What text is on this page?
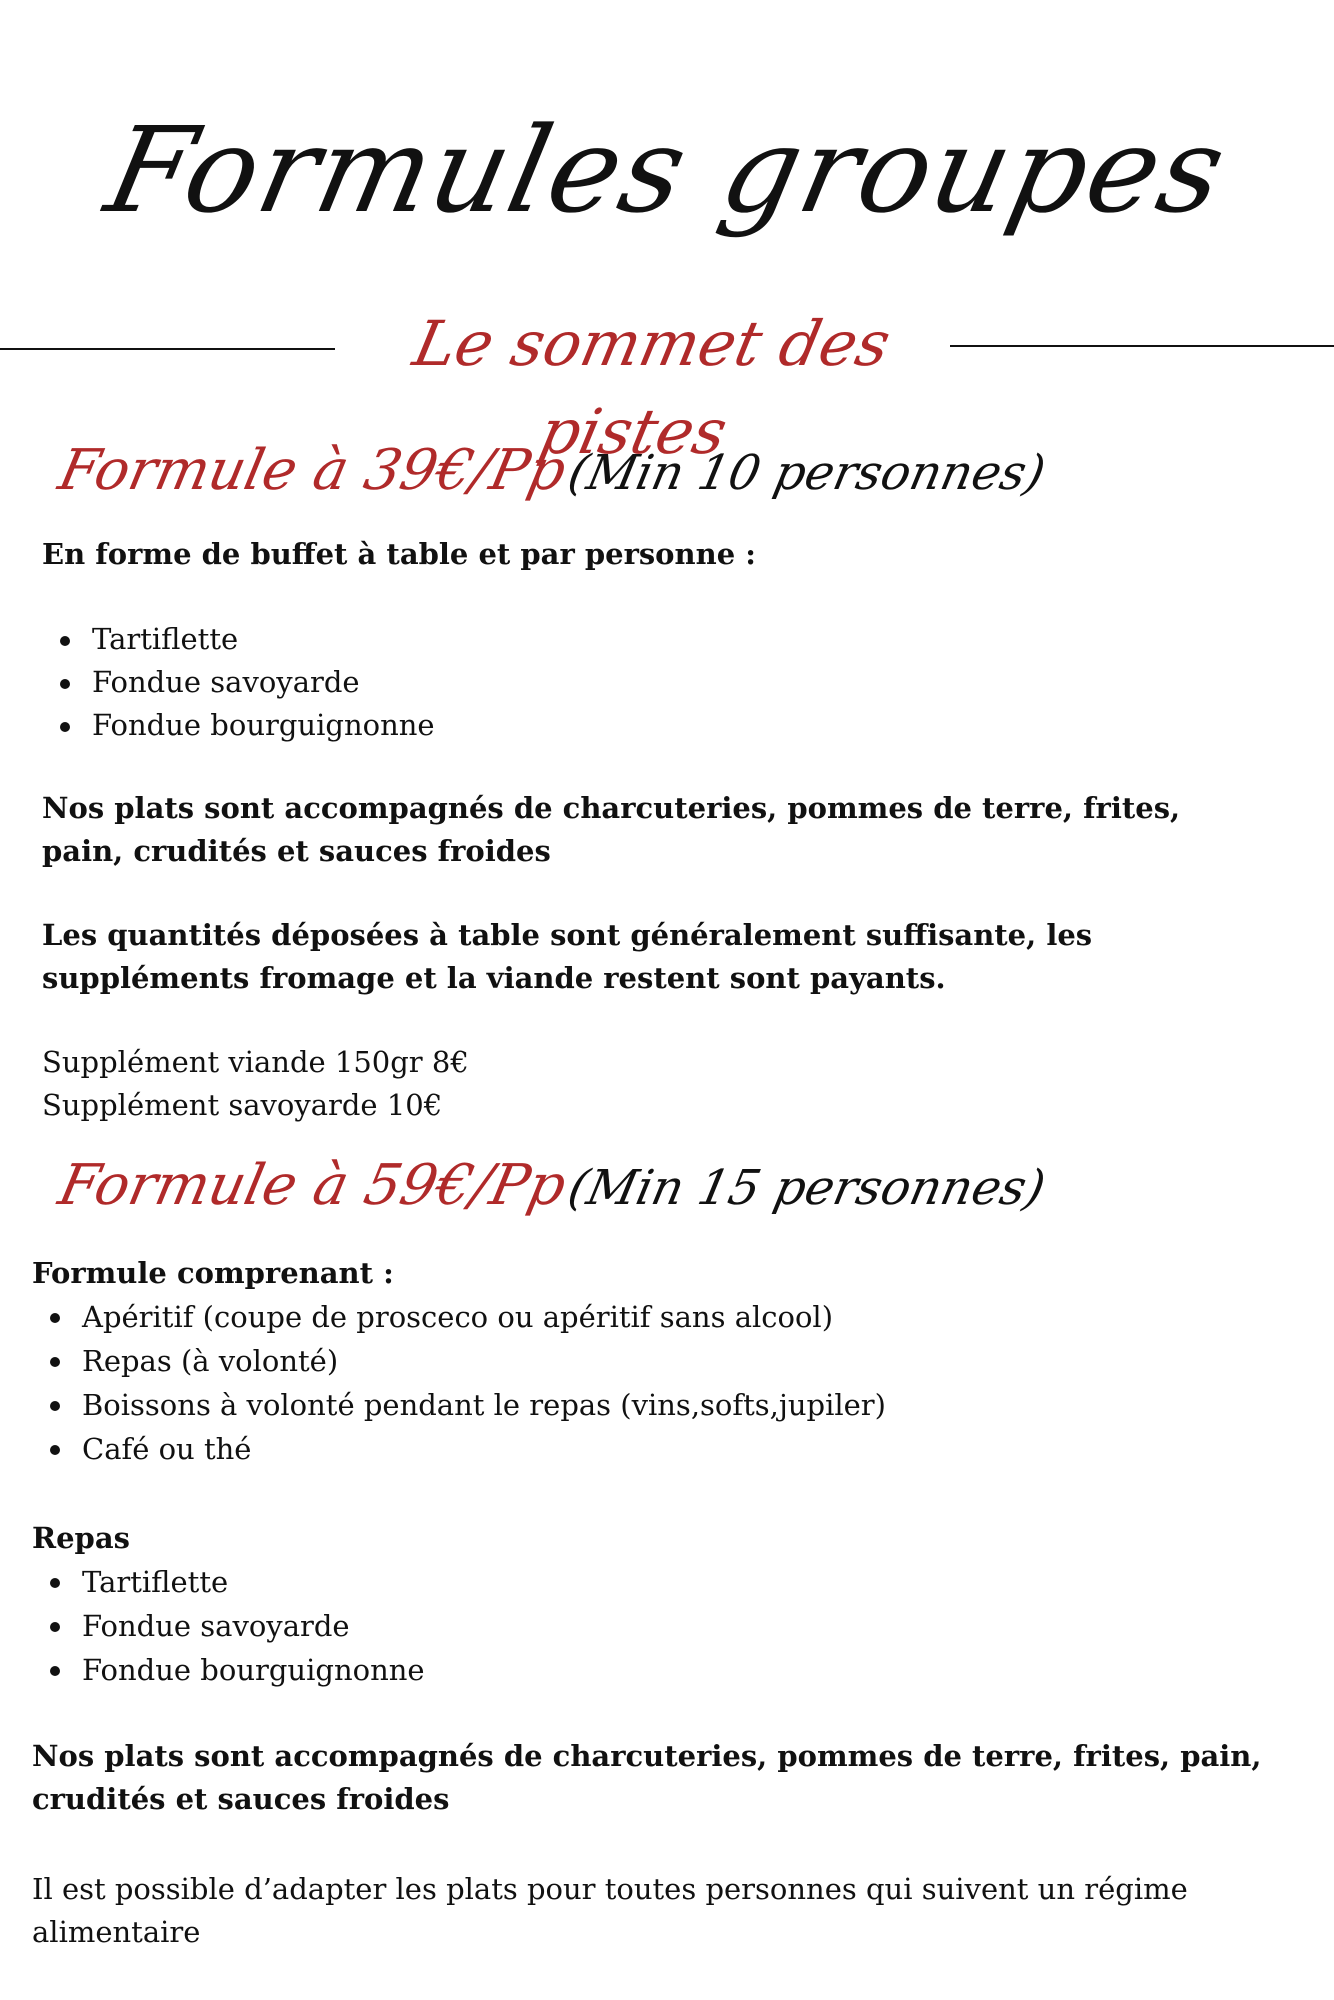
Formules groupes
Le sommet des pistes
Formule à 39€/Pp (Min 10 personnes)
En forme de buffet à table et par personne :
Tartiflette
Fondue savoyarde
Fondue bourguignonne
Nos plats sont accompagnés de charcuteries, pommes de terre, frites, pain, crudités et sauces froides
Les quantités déposées à table sont généralement suffisante, les suppléments fromage et la viande restent sont payants.
Supplément viande 150gr 8€
Supplément savoyarde 10€
Formule à 59€/Pp (Min 15 personnes)
Formule comprenant :
Apéritif (coupe de prosceco ou apéritif sans alcool)
Repas (à volonté)
Boissons à volonté pendant le repas (vins,softs,jupiler)
Café ou thé
Repas
Tartiflette
Fondue savoyarde
Fondue bourguignonne
Nos plats sont accompagnés de charcuteries, pommes de terre, frites, pain, crudités et sauces froides
Il est possible d’adapter les plats pour toutes personnes qui suivent un régime alimentaire
